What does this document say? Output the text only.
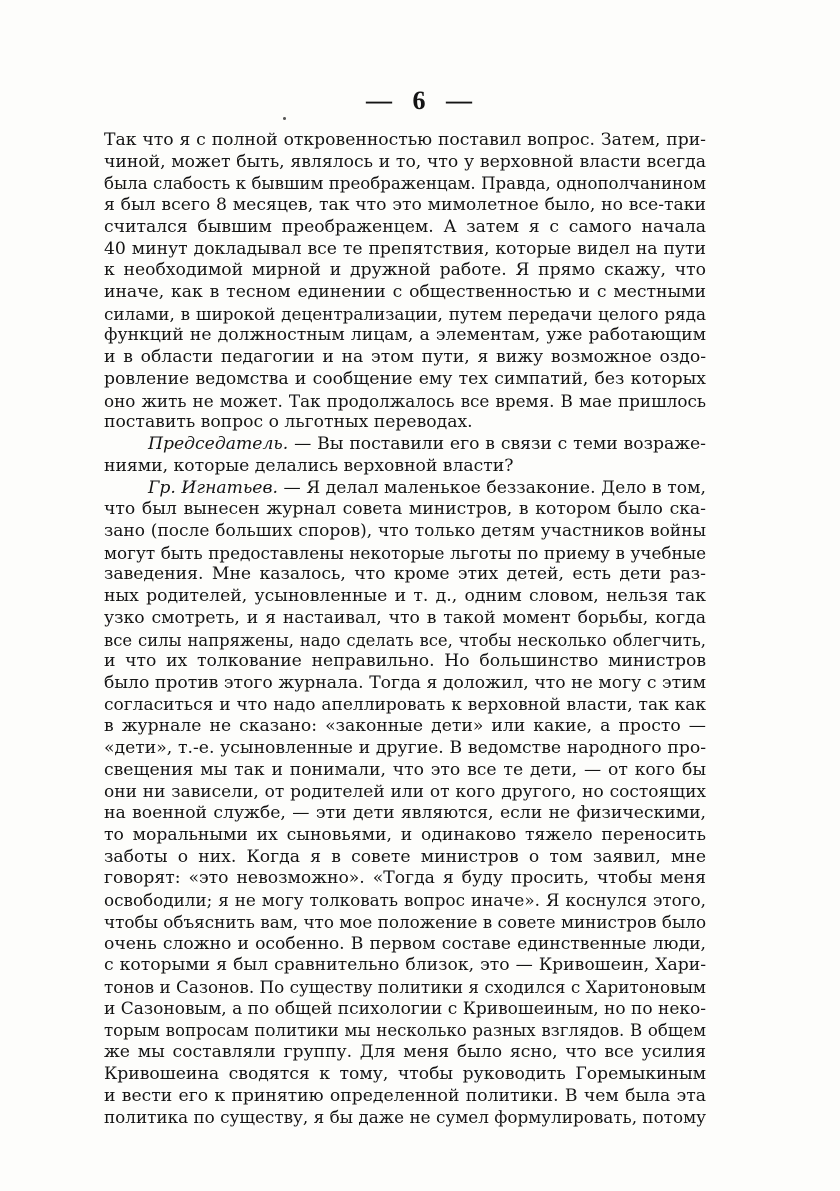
— 6 —
Так что я с полной откровенностью поставил вопрос. Затем, при-
чиной, может быть, являлось и то, что у верховной власти всегда
была слабость к бывшим преображенцам. Правда, однополчанином
я был всего 8 месяцев, так что это мимолетное было, но все-таки
считался бывшим преображенцем. А затем я с самого начала
40 минут докладывал все те препятствия, которые видел на пути
к необходимой мирной и дружной работе. Я прямо скажу, что
иначе, как в тесном единении с общественностью и с местными
силами, в широкой децентрализации, путем передачи целого ряда
функций не должностным лицам, а элементам, уже работающим
и в области педагогии и на этом пути, я вижу возможное оздо-
ровление ведомства и сообщение ему тех симпатий, без которых
оно жить не может. Так продолжалось все время. В мае пришлось
поставить вопрос о льготных переводах.
Председатель. — Вы поставили его в связи с теми возраже-
ниями, которые делались верховной власти?
Гр. Игнатьев. — Я делал маленькое беззаконие. Дело в том,
что был вынесен журнал совета министров, в котором было ска-
зано (после больших споров), что только детям участников войны
могут быть предоставлены некоторые льготы по приему в учебные
заведения. Мне казалось, что кроме этих детей, есть дети раз-
ных родителей, усыновленные и т. д., одним словом, нельзя так
узко смотреть, и я настаивал, что в такой момент борьбы, когда
все силы напряжены, надо сделать все, чтобы несколько облегчить,
и что их толкование неправильно. Но большинство министров
было против этого журнала. Тогда я доложил, что не могу с этим
согласиться и что надо апеллировать к верховной власти, так как
в журнале не сказано: «законные дети» или какие, а просто —
«дети», т.-е. усыновленные и другие. В ведомстве народного про-
свещения мы так и понимали, что это все те дети, — от кого бы
они ни зависели, от родителей или от кого другого, но состоящих
на военной службе, — эти дети являются, если не физическими,
то моральными их сыновьями, и одинаково тяжело переносить
заботы о них. Когда я в совете министров о том заявил, мне
говорят: «это невозможно». «Тогда я буду просить, чтобы меня
освободили; я не могу толковать вопрос иначе». Я коснулся этого,
чтобы объяснить вам, что мое положение в совете министров было
очень сложно и особенно. В первом составе единственные люди,
с которыми я был сравнительно близок, это — Кривошеин, Хари-
тонов и Сазонов. По существу политики я сходился с Харитоновым
и Сазоновым, а по общей психологии с Кривошеиным, но по неко-
торым вопросам политики мы несколько разных взглядов. В общем
же мы составляли группу. Для меня было ясно, что все усилия
Кривошеина сводятся к тому, чтобы руководить Горемыкиным
и вести его к принятию определенной политики. В чем была эта
политика по существу, я бы даже не сумел формулировать, потому
